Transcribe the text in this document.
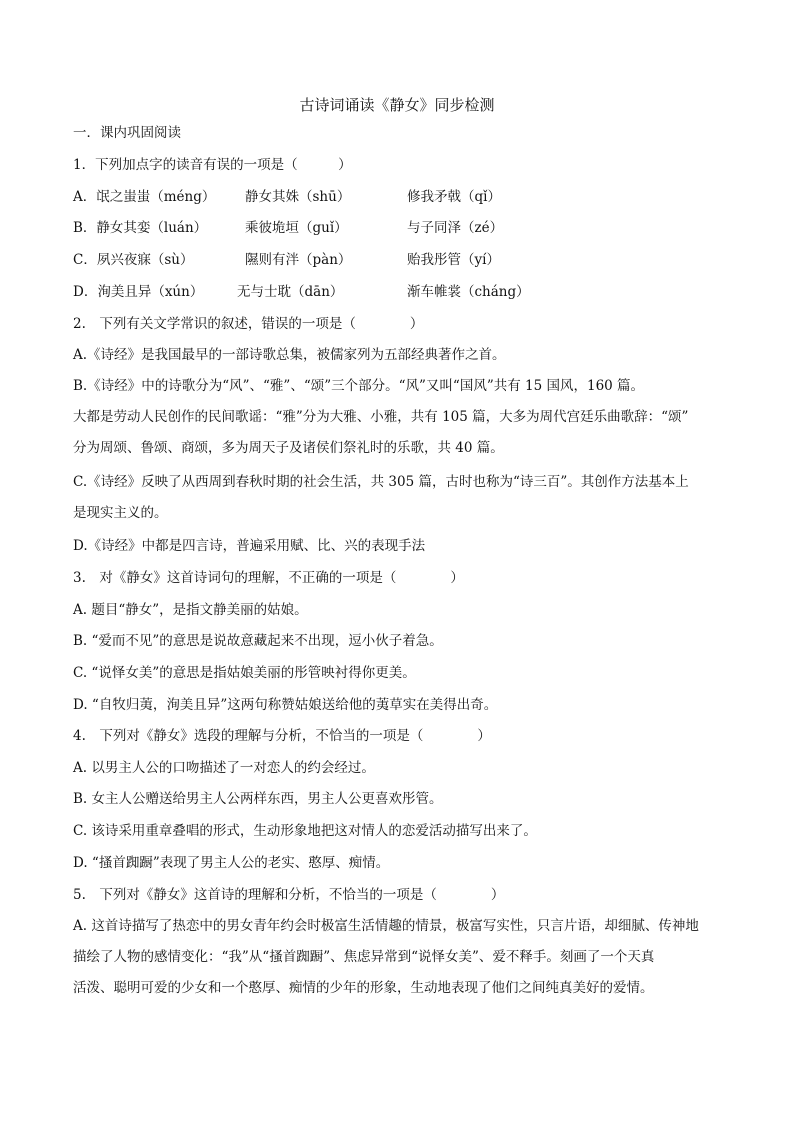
古诗词诵读《静女》同步检测
一．课内巩固阅读
1．下列加点字的读音有误的一项是（　　　）
A．氓之蚩蚩（méng） 静女其姝（shū）	修我矛戟（qǐ）
B．静女其娈（luán）	乘彼垝垣（guǐ）	与子同泽（zé）
C．夙兴夜寐（sù）	隰则有泮（pàn）	贻我彤管（yí）
D．洵美且异（xún） 无与士耽（dān）	渐车帷裳（cháng）
2.　下列有关文学常识的叙述，错误的一项是（　　　　）
A.《诗经》是我国最早的一部诗歌总集，被儒家列为五部经典著作之首。
B.《诗经》中的诗歌分为“风”、“雅”、“颂”三个部分。“风”又叫“国风”共有 15 国风，160 篇。
大都是劳动人民创作的民间歌谣：“雅”分为大雅、小雅，共有 105 篇，大多为周代宫廷乐曲歌辞：“颂”
分为周颂、鲁颂、商颂，多为周天子及诸侯们祭礼时的乐歌，共 40 篇。
C.《诗经》反映了从西周到春秋时期的社会生活，共 305 篇，古时也称为“诗三百”。其创作方法基本上
是现实主义的。
D.《诗经》中都是四言诗，普遍采用赋、比、兴的表现手法
3.　对《静女》这首诗词句的理解，不正确的一项是（　　　　）
A. 题目“静女”，是指文静美丽的姑娘。
B. “爱而不见”的意思是说故意藏起来不出现，逗小伙子着急。
C. “说怿女美”的意思是指姑娘美丽的彤管映衬得你更美。
D. “自牧归荑，洵美且异”这两句称赞姑娘送给他的荑草实在美得出奇。
4.　下列对《静女》选段的理解与分析，不恰当的一项是（　　　　）
A. 以男主人公的口吻描述了一对恋人的约会经过。
B. 女主人公赠送给男主人公两样东西，男主人公更喜欢彤管。
C. 该诗采用重章叠唱的形式，生动形象地把这对情人的恋爱活动描写出来了。
D. “搔首踟蹰”表现了男主人公的老实、憨厚、痴情。
5.　下列对《静女》这首诗的理解和分析，不恰当的一项是（　　　　）
A. 这首诗描写了热恋中的男女青年约会时极富生活情趣的情景，极富写实性，只言片语，却细腻、传神地
描绘了人物的感情变化：“我”从“搔首踟蹰”、焦虑异常到“说怿女美”、爱不释手。刻画了一个天真
活泼、聪明可爱的少女和一个憨厚、痴情的少年的形象，生动地表现了他们之间纯真美好的爱情。
